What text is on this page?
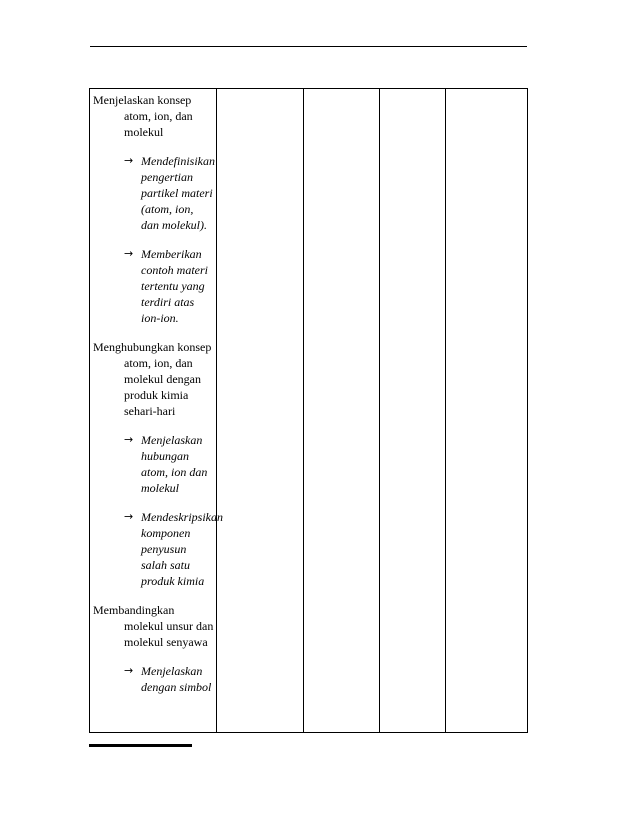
Menjelaskan konsep atom, ion, dan molekul

→ Mendefinisikan pengertian partikel materi (atom, ion, dan molekul).

→ Memberikan contoh materi tertentu yang terdiri atas ion-ion.

Menghubungkan konsep atom, ion, dan molekul dengan produk kimia sehari-hari

→ Menjelaskan hubungan atom, ion dan molekul

→ Mendeskripsikan komponen penyusun salah satu produk kimia

Membandingkan molekul unsur dan molekul senyawa

→ Menjelaskan dengan simbol
